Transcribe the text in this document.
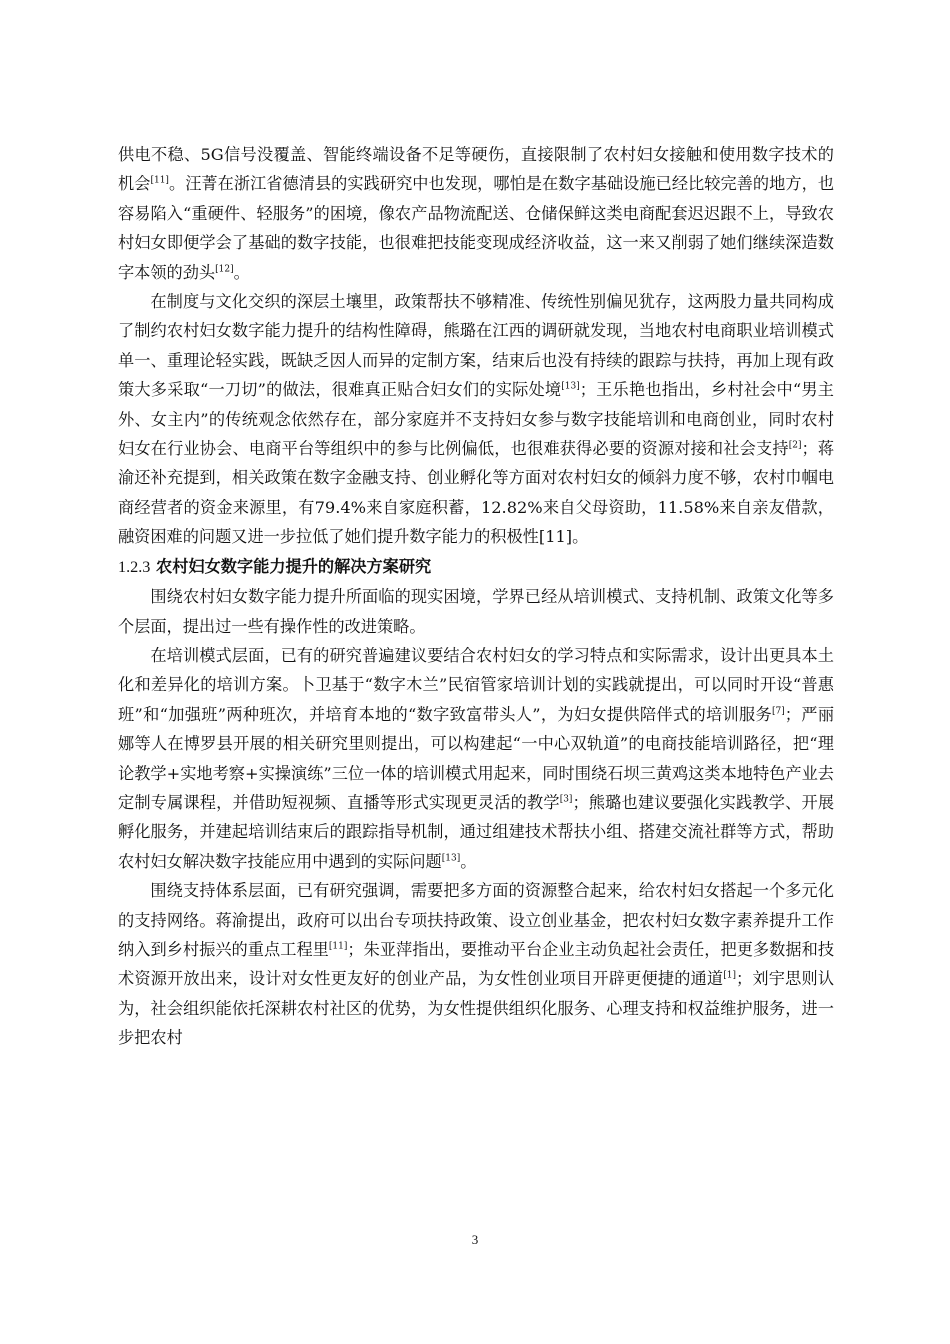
供电不稳、5G信号没覆盖、智能终端设备不足等硬伤，直接限制了农村妇女接触和使用数字技术的机会[11]。汪菁在浙江省德清县的实践研究中也发现，哪怕是在数字基础设施已经比较完善的地方，也容易陷入“重硬件、轻服务”的困境，像农产品物流配送、仓储保鲜这类电商配套迟迟跟不上，导致农村妇女即便学会了基础的数字技能，也很难把技能变现成经济收益，这一来又削弱了她们继续深造数字本领的劲头[12]。

在制度与文化交织的深层土壤里，政策帮扶不够精准、传统性别偏见犹存，这两股力量共同构成了制约农村妇女数字能力提升的结构性障碍，熊璐在江西的调研就发现，当地农村电商职业培训模式单一、重理论轻实践，既缺乏因人而异的定制方案，结束后也没有持续的跟踪与扶持，再加上现有政策大多采取“一刀切”的做法，很难真正贴合妇女们的实际处境[13]；王乐艳也指出，乡村社会中“男主外、女主内”的传统观念依然存在，部分家庭并不支持妇女参与数字技能培训和电商创业，同时农村妇女在行业协会、电商平台等组织中的参与比例偏低，也很难获得必要的资源对接和社会支持[2]；蒋渝还补充提到，相关政策在数字金融支持、创业孵化等方面对农村妇女的倾斜力度不够，农村巾帼电商经营者的资金来源里，有79.4%来自家庭积蓄，12.82%来自父母资助，11.58%来自亲友借款，融资困难的问题又进一步拉低了她们提升数字能力的积极性[11]。

1.2.3 农村妇女数字能力提升的解决方案研究

围绕农村妇女数字能力提升所面临的现实困境，学界已经从培训模式、支持机制、政策文化等多个层面，提出过一些有操作性的改进策略。

在培训模式层面，已有的研究普遍建议要结合农村妇女的学习特点和实际需求，设计出更具本土化和差异化的培训方案。卜卫基于“数字木兰”民宿管家培训计划的实践就提出，可以同时开设“普惠班”和“加强班”两种班次，并培育本地的“数字致富带头人”，为妇女提供陪伴式的培训服务[7]；严丽娜等人在博罗县开展的相关研究里则提出，可以构建起“一中心双轨道”的电商技能培训路径，把“理论教学+实地考察+实操演练”三位一体的培训模式用起来，同时围绕石坝三黄鸡这类本地特色产业去定制专属课程，并借助短视频、直播等形式实现更灵活的教学[3]；熊璐也建议要强化实践教学、开展孵化服务，并建起培训结束后的跟踪指导机制，通过组建技术帮扶小组、搭建交流社群等方式，帮助农村妇女解决数字技能应用中遇到的实际问题[13]。

围绕支持体系层面，已有研究强调，需要把多方面的资源整合起来，给农村妇女搭起一个多元化的支持网络。蒋渝提出，政府可以出台专项扶持政策、设立创业基金，把农村妇女数字素养提升工作纳入到乡村振兴的重点工程里[11]；朱亚萍指出，要推动平台企业主动负起社会责任，把更多数据和技术资源开放出来，设计对女性更友好的创业产品，为女性创业项目开辟更便捷的通道[1]；刘宇思则认为，社会组织能依托深耕农村社区的优势，为女性提供组织化服务、心理支持和权益维护服务，进一步把农村

3
